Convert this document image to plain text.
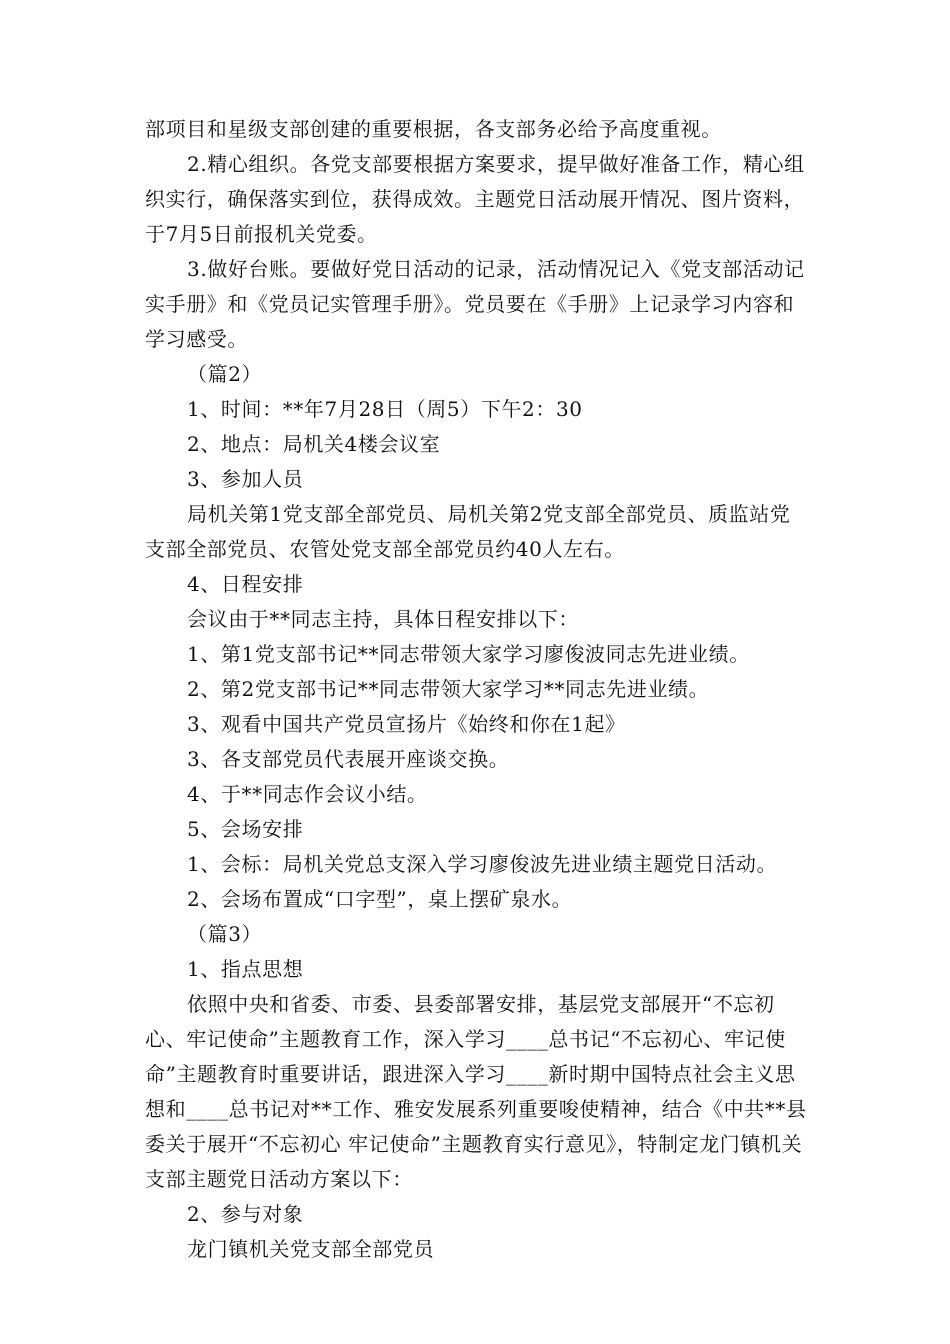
部项目和星级支部创建的重要根据，各支部务必给予高度重视。

2.精心组织。各党支部要根据方案要求，提早做好准备工作，精心组织实行，确保落实到位，获得成效。主题党日活动展开情况、图片资料，于7月5日前报机关党委。

3.做好台账。要做好党日活动的记录，活动情况记入《党支部活动记实手册》和《党员记实管理手册》。党员要在《手册》上记录学习内容和学习感受。

（篇2）

1、时间：**年7月28日（周5）下午2：30

2、地点：局机关4楼会议室

3、参加人员

局机关第1党支部全部党员、局机关第2党支部全部党员、质监站党支部全部党员、农管处党支部全部党员约40人左右。

4、日程安排

会议由于**同志主持，具体日程安排以下：

1、第1党支部书记**同志带领大家学习廖俊波同志先进业绩。

2、第2党支部书记**同志带领大家学习**同志先进业绩。

3、观看中国共产党员宣扬片《始终和你在1起》

3、各支部党员代表展开座谈交换。

4、于**同志作会议小结。

5、会场安排

1、会标：局机关党总支深入学习廖俊波先进业绩主题党日活动。

2、会场布置成“口字型”，桌上摆矿泉水。

（篇3）

1、指点思想

依照中央和省委、市委、县委部署安排，基层党支部展开“不忘初心、牢记使命”主题教育工作，深入学习____总书记“不忘初心、牢记使命”主题教育时重要讲话，跟进深入学习____新时期中国特点社会主义思想和____总书记对**工作、雅安发展系列重要唆使精神，结合《中共**县委关于展开“不忘初心 牢记使命”主题教育实行意见》，特制定龙门镇机关支部主题党日活动方案以下：

2、参与对象

龙门镇机关党支部全部党员
